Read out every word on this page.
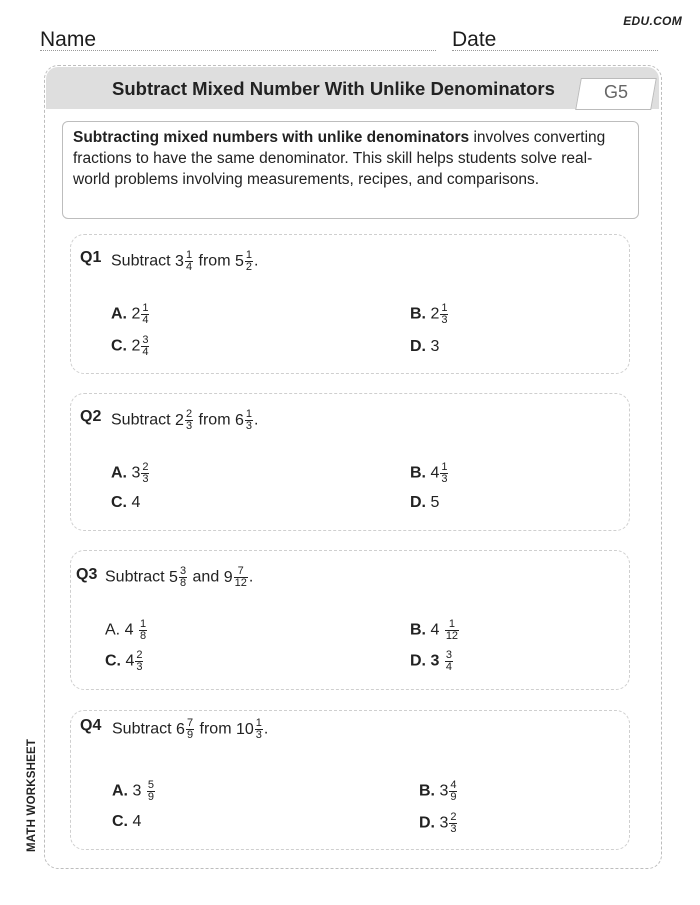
EDU.COM
Name	Date
Subtract Mixed Number With Unlike Denominators	G5
Subtracting mixed numbers with unlike denominators involves converting fractions to have the same denominator. This skill helps students solve real-world problems involving measurements, recipes, and comparisons.
Q1 Subtract $3 \frac{1}{4}$ from $5 \frac{1}{2}$ .
A. $2 \frac{1}{4}$	B. $2 \frac{1}{3}$
C. $2 \frac{3}{4}$	D. 3
Q2 Subtract $2 \frac{2}{3}$ from $6 \frac{1}{3}$ .
A. $3 \frac{2}{3}$	B. $4 \frac{1}{3}$
C. 4	D. 5
Q3 Subtract $5 \frac{3}{8}$ and $9 \frac{7}{12}$ .
A. $4 \frac{1}{8}$	B. $4 \frac{1}{12}$
C. $4 \frac{2}{3}$	D. $3 \frac{3}{4}$
Q4 Subtract $6 \frac{7}{9}$ from $10 \frac{1}{3}$ .
A. $3 \frac{5}{9}$	B. $3 \frac{4}{9}$
C. 4	D. $3 \frac{2}{3}$
MATH WORKSHEET
